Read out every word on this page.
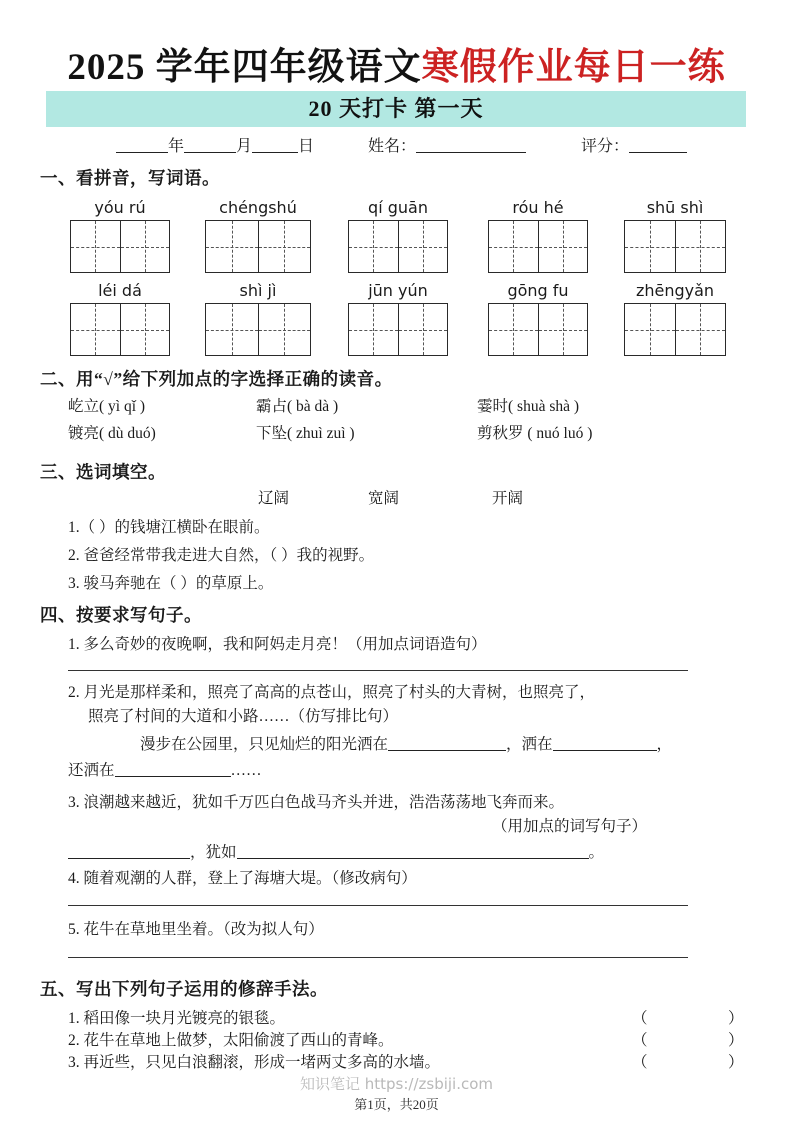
2025 学年四年级语文寒假作业每日一练
20 天打卡 第一天
年	月	日	姓名：	评分：
一、看拼音，写词语。
yóu rú	chéngshú	qí guān	róu hé	shū shì
léi dá	shì jì	jūn yún	gōng fu	zhēngyǎn
二、用“√”给下列加点的字选择正确的读音。
屹立( yì qǐ )	霸占( bà dà )	霎时( shuà shà )
镀亮( dù duó)	下坠( zhuì zuì )	剪秋罗 ( nuó luó )
三、选词填空。
辽阔	宽阔	开阔
1.（ ）的钱塘江横卧在眼前。
2. 爸爸经常带我走进大自然，（ ）我的视野。
3. 骏马奔驰在（ ）的草原上。
四、按要求写句子。
1. 多么奇妙的夜晚啊，我和阿妈走月亮！（用加点词语造句）
2. 月光是那样柔和，照亮了高高的点苍山，照亮了村头的大青树，也照亮了，
照亮了村间的大道和小路……（仿写排比句）
漫步在公园里，只见灿烂的阳光洒在	，洒在	，
还洒在	……
3. 浪潮越来越近，犹如千万匹白色战马齐头并进，浩浩荡荡地飞奔而来。
（用加点的词写句子）
，犹如	。
4. 随着观潮的人群，登上了海塘大堤。（修改病句）
5. 花牛在草地里坐着。（改为拟人句）
五、写出下列句子运用的修辞手法。
1. 稻田像一块月光镀亮的银毯。	（	）
2. 花牛在草地上做梦，太阳偷渡了西山的青峰。	（	）
3. 再近些，只见白浪翻滚，形成一堵两丈多高的水墙。	（	）
知识笔记 https://zsbiji.com
第1页，共20页
